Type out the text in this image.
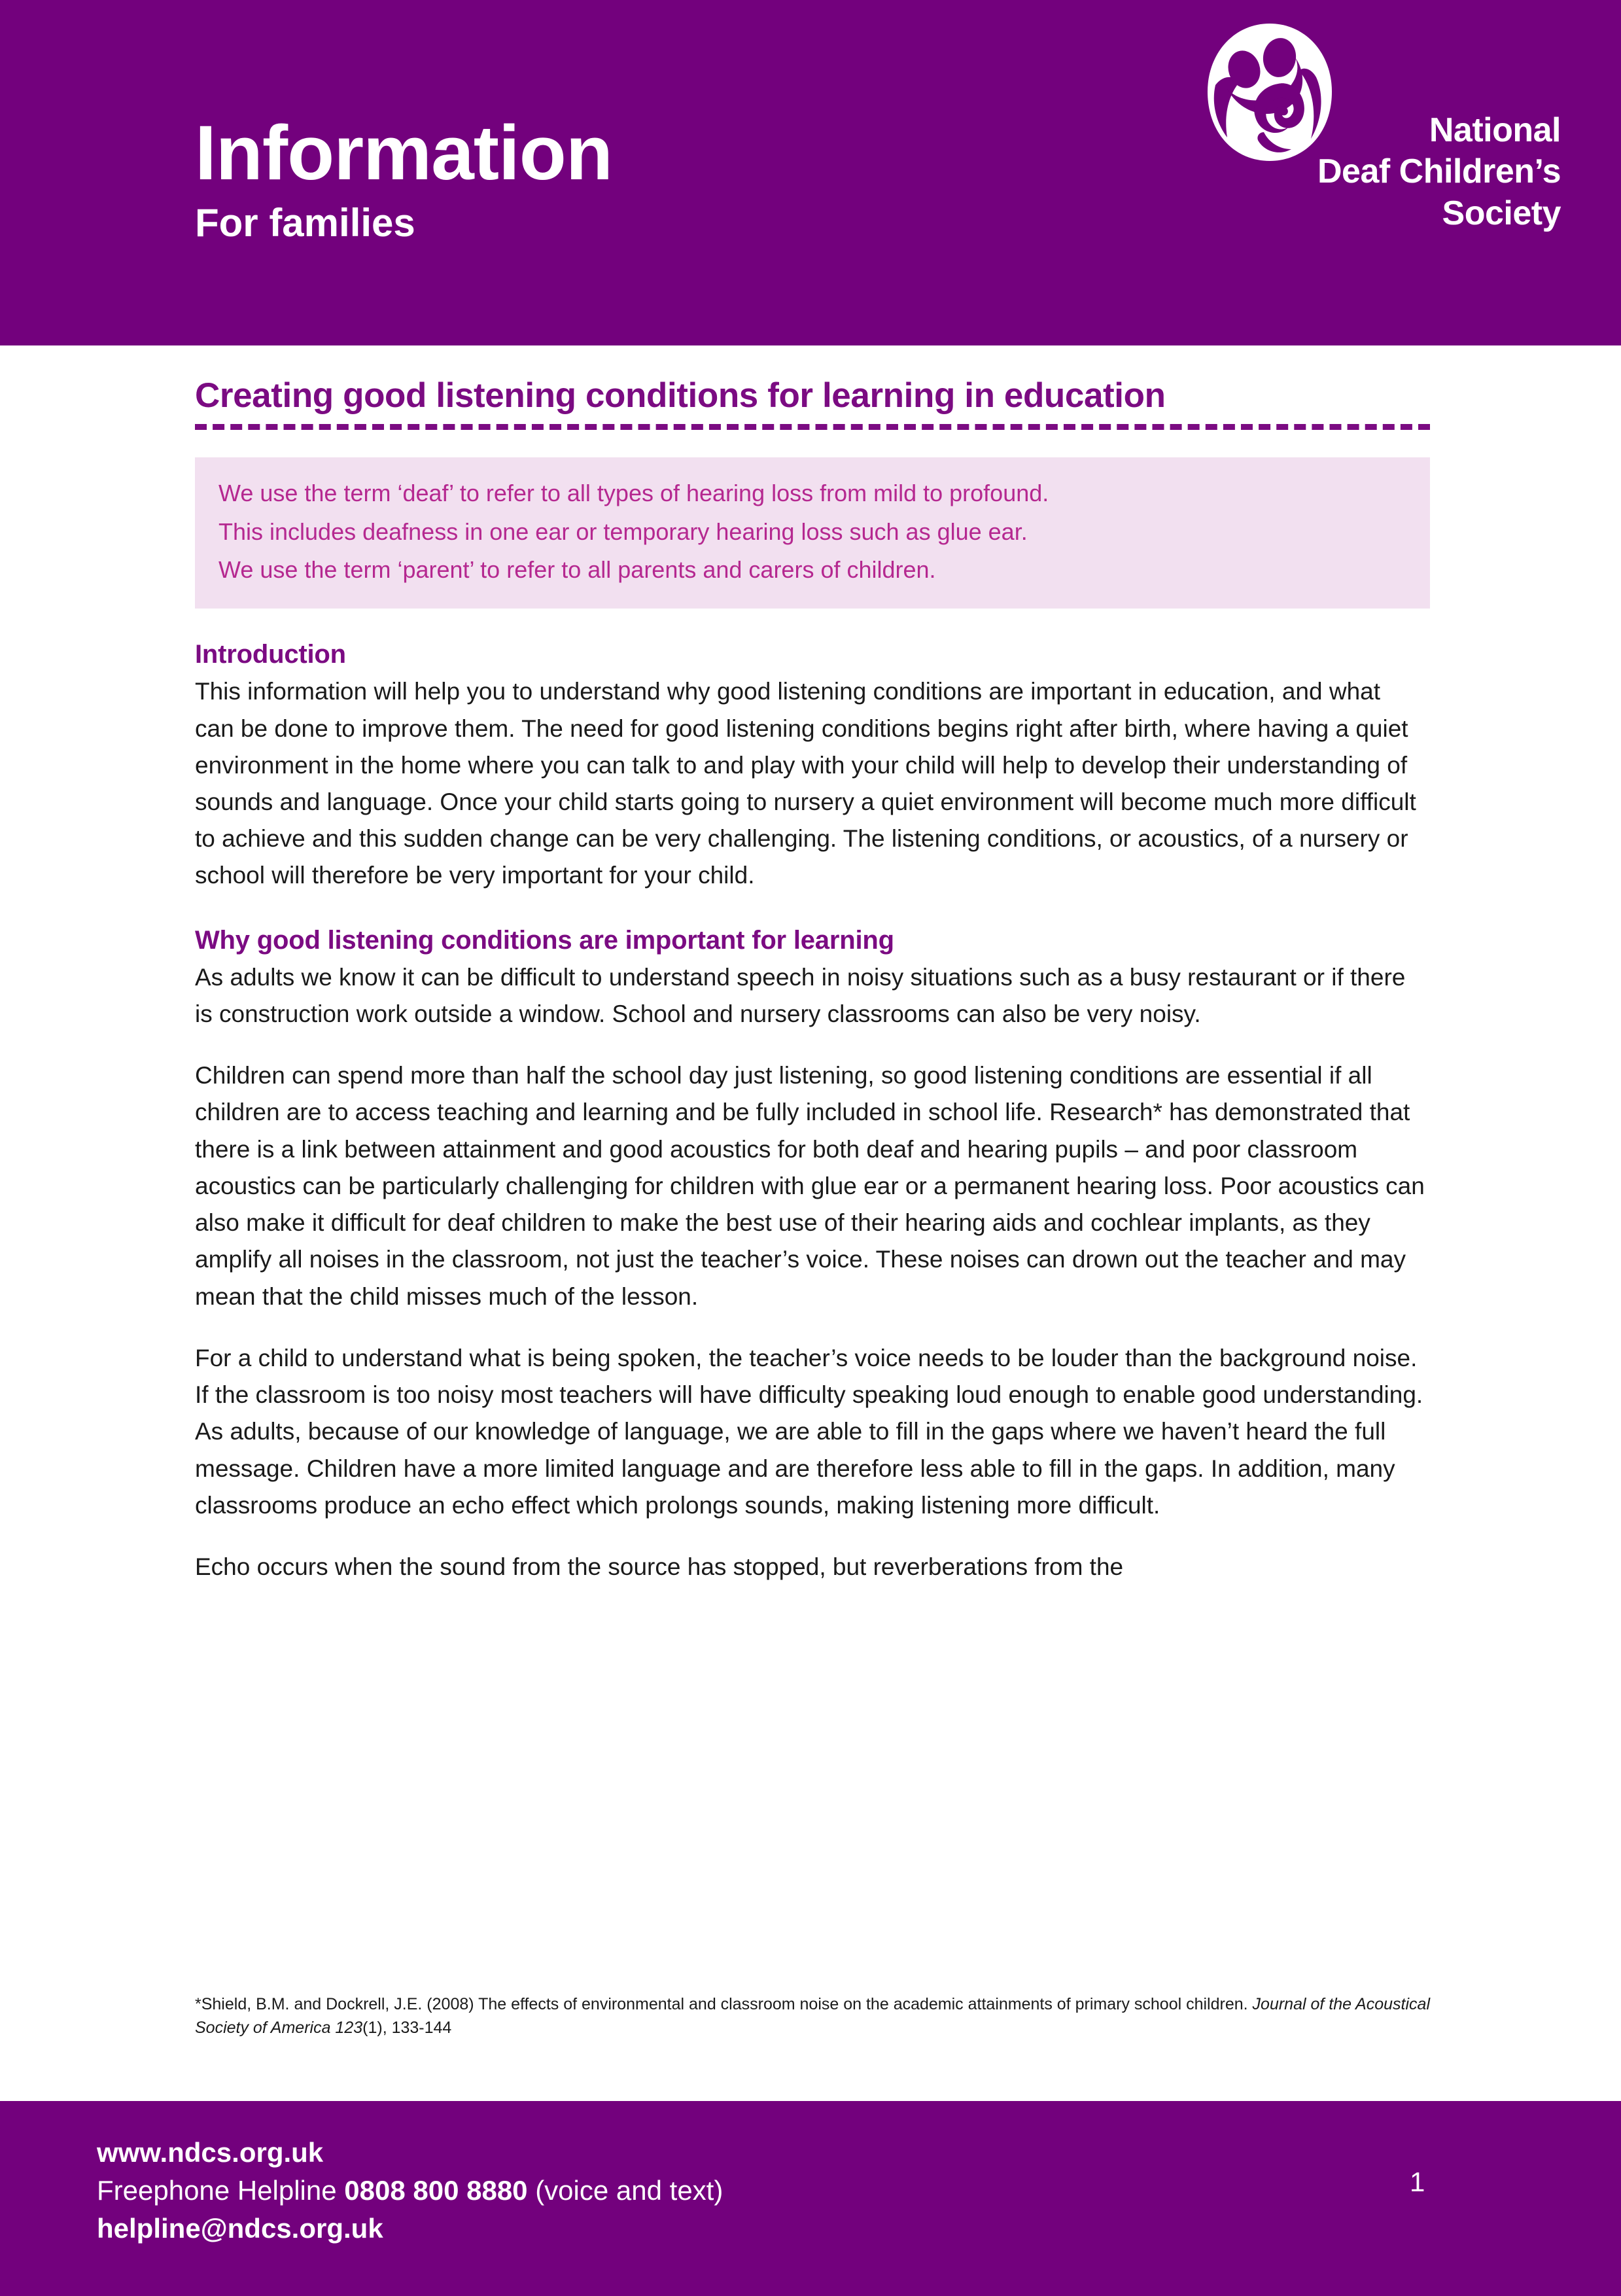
Information
For families
National
Deaf Children’s
Society
Creating good listening conditions for learning in education
We use the term ‘deaf’ to refer to all types of hearing loss from mild to profound.
This includes deafness in one ear or temporary hearing loss such as glue ear.
We use the term ‘parent’ to refer to all parents and carers of children.
Introduction

This information will help you to understand why good listening conditions are important in education, and what can be done to improve them. The need for good listening conditions begins right after birth, where having a quiet environment in the home where you can talk to and play with your child will help to develop their understanding of sounds and language. Once your child starts going to nursery a quiet environment will become much more difficult to achieve and this sudden change can be very challenging. The listening conditions, or acoustics, of a nursery or school will therefore be very important for your child.

Why good listening conditions are important for learning

As adults we know it can be difficult to understand speech in noisy situations such as a busy restaurant or if there is construction work outside a window. School and nursery classrooms can also be very noisy.

Children can spend more than half the school day just listening, so good listening conditions are essential if all children are to access teaching and learning and be fully included in school life. Research* has demonstrated that there is a link between attainment and good acoustics for both deaf and hearing pupils – and poor classroom acoustics can be particularly challenging for children with glue ear or a permanent hearing loss. Poor acoustics can also make it difficult for deaf children to make the best use of their hearing aids and cochlear implants, as they amplify all noises in the classroom, not just the teacher’s voice. These noises can drown out the teacher and may mean that the child misses much of the lesson.

For a child to understand what is being spoken, the teacher’s voice needs to be louder than the background noise. If the classroom is too noisy most teachers will have difficulty speaking loud enough to enable good understanding. As adults, because of our knowledge of language, we are able to fill in the gaps where we haven’t heard the full message. Children have a more limited language and are therefore less able to fill in the gaps. In addition, many classrooms produce an echo effect which prolongs sounds, making listening more difficult.

Echo occurs when the sound from the source has stopped, but reverberations from the

*Shield, B.M. and Dockrell, J.E. (2008) The effects of environmental and classroom noise on the academic attainments of primary school children. Journal of the Acoustical Society of America 123(1), 133-144
www.ndcs.org.uk
Freephone Helpline 0808 800 8880 (voice and text)
helpline@ndcs.org.uk
1
